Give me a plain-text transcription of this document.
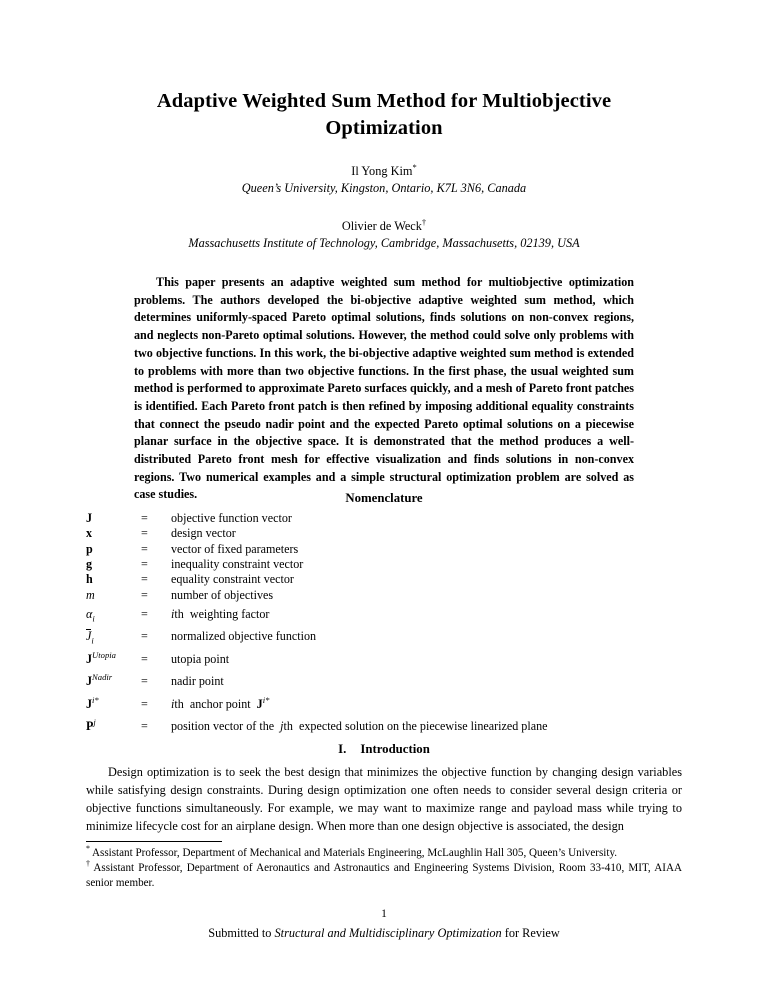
Adaptive Weighted Sum Method for Multiobjective Optimization
Il Yong Kim*
Queen’s University, Kingston, Ontario, K7L 3N6, Canada
Olivier de Weck†
Massachusetts Institute of Technology, Cambridge, Massachusetts, 02139, USA
This paper presents an adaptive weighted sum method for multiobjective optimization problems. The authors developed the bi-objective adaptive weighted sum method, which determines uniformly-spaced Pareto optimal solutions, finds solutions on non-convex regions, and neglects non-Pareto optimal solutions. However, the method could solve only problems with two objective functions. In this work, the bi-objective adaptive weighted sum method is extended to problems with more than two objective functions. In the first phase, the usual weighted sum method is performed to approximate Pareto surfaces quickly, and a mesh of Pareto front patches is identified. Each Pareto front patch is then refined by imposing additional equality constraints that connect the pseudo nadir point and the expected Pareto optimal solutions on a piecewise planar surface in the objective space. It is demonstrated that the method produces a well-distributed Pareto front mesh for effective visualization and finds solutions in non-convex regions. Two numerical examples and a simple structural optimization problem are solved as case studies.	Nomenclature
J	=	objective function vector
x	=	design vector
p	=	vector of fixed parameters
g	=	inequality constraint vector
h	=	equality constraint vector
m	=	number of objectives
$\alpha_i$	=	ith  weighting factor
$J_i$	=	normalized objective function
$J^{Utopia}$	=	utopia point
$J^{Nadir}$	=	nadir point
$J^{i*}$	=	ith  anchor point  $J^{i*}$
$P^j$	=	position vector of the  jth  expected solution on the piecewise linearized plane
I. Introduction
Design optimization is to seek the best design that minimizes the objective function by changing design variables while satisfying design constraints. During design optimization one often needs to consider several design criteria or objective functions simultaneously. For example, we may want to maximize range and payload mass while trying to minimize lifecycle cost for an airplane design. When more than one design objective is associated, the design

* Assistant Professor, Department of Mechanical and Materials Engineering, McLaughlin Hall 305, Queen’s University.

† Assistant Professor, Department of Aeronautics and Astronautics and Engineering Systems Division, Room 33-410, MIT, AIAA senior member.

1
Submitted to Structural and Multidisciplinary Optimization for Review
